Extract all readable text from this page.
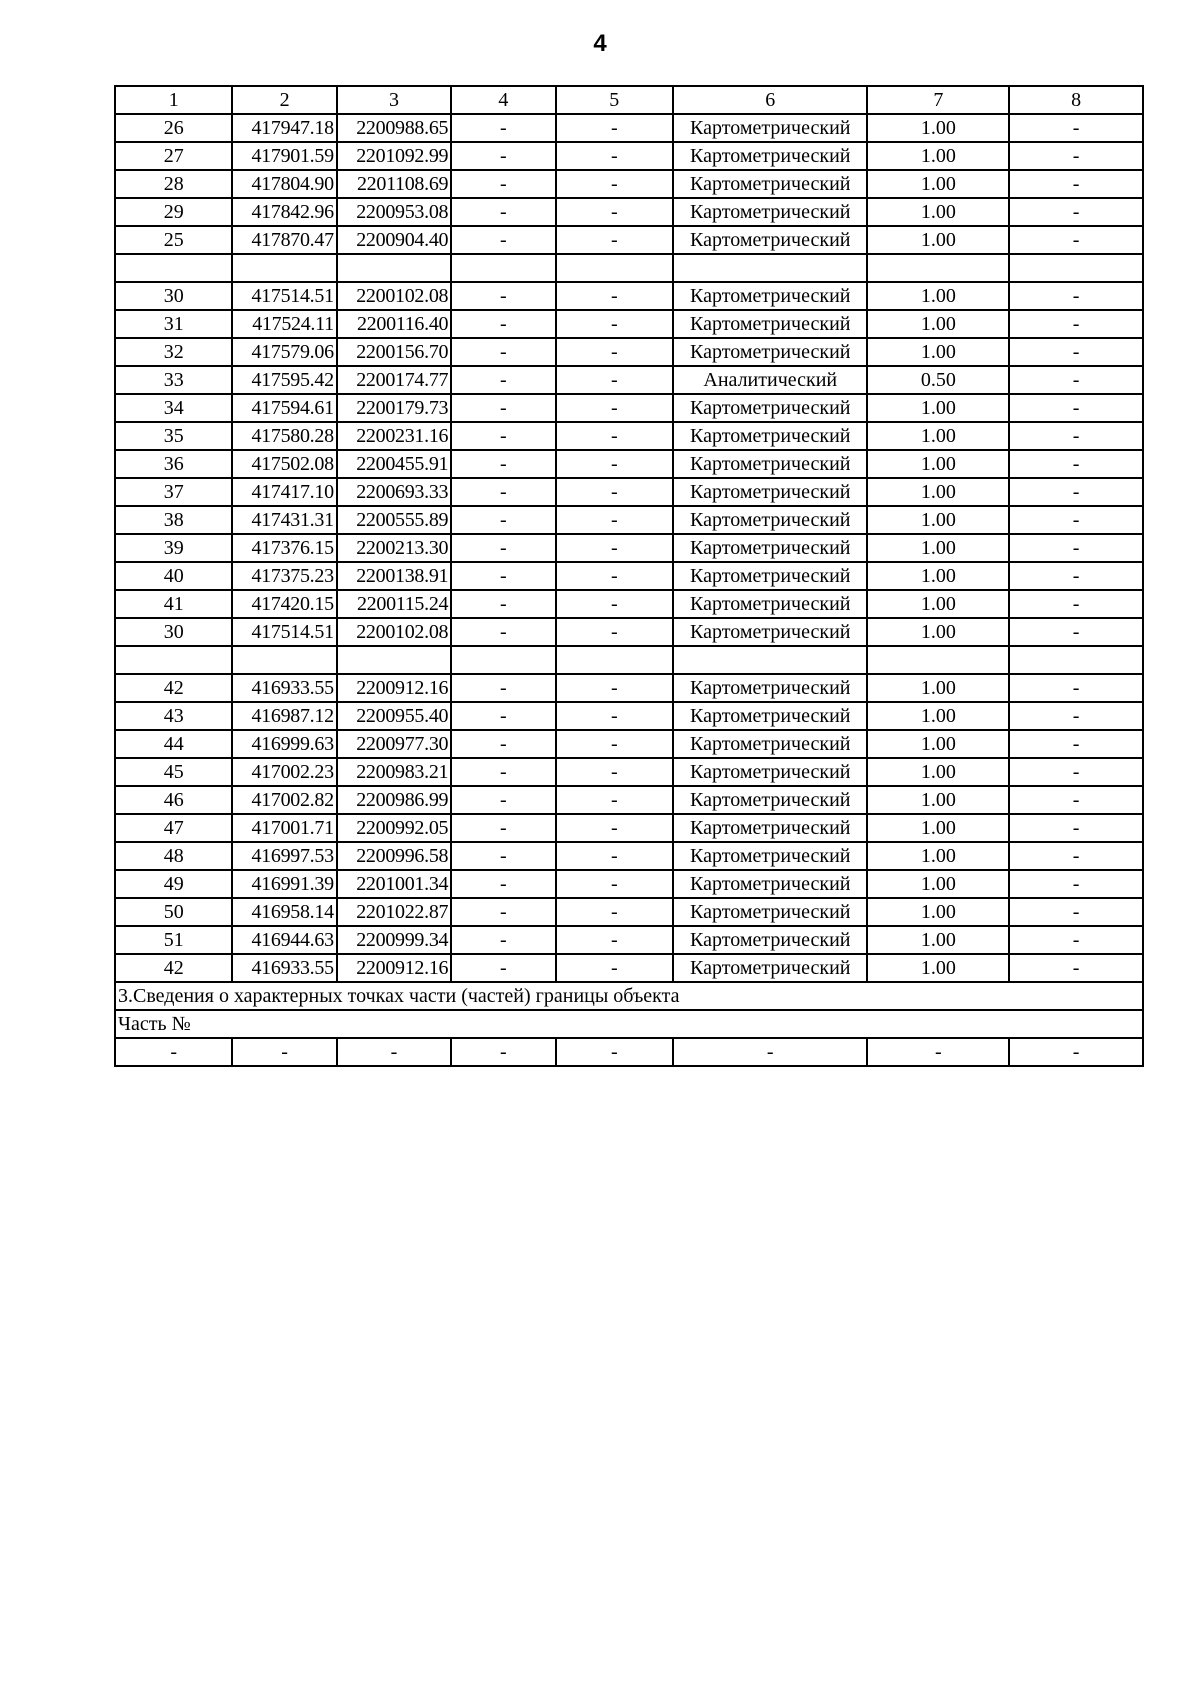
4
1	2	3	4	5	6	7	8
26	417947.18	2200988.65	-	-	Картометрический	1.00	-
27	417901.59	2201092.99	-	-	Картометрический	1.00	-
28	417804.90	2201108.69	-	-	Картометрический	1.00	-
29	417842.96	2200953.08	-	-	Картометрический	1.00	-
25	417870.47	2200904.40	-	-	Картометрический	1.00	-

30	417514.51	2200102.08	-	-	Картометрический	1.00	-
31	417524.11	2200116.40	-	-	Картометрический	1.00	-
32	417579.06	2200156.70	-	-	Картометрический	1.00	-
33	417595.42	2200174.77	-	-	Аналитический	0.50	-
34	417594.61	2200179.73	-	-	Картометрический	1.00	-
35	417580.28	2200231.16	-	-	Картометрический	1.00	-
36	417502.08	2200455.91	-	-	Картометрический	1.00	-
37	417417.10	2200693.33	-	-	Картометрический	1.00	-
38	417431.31	2200555.89	-	-	Картометрический	1.00	-
39	417376.15	2200213.30	-	-	Картометрический	1.00	-
40	417375.23	2200138.91	-	-	Картометрический	1.00	-
41	417420.15	2200115.24	-	-	Картометрический	1.00	-
30	417514.51	2200102.08	-	-	Картометрический	1.00	-

42	416933.55	2200912.16	-	-	Картометрический	1.00	-
43	416987.12	2200955.40	-	-	Картометрический	1.00	-
44	416999.63	2200977.30	-	-	Картометрический	1.00	-
45	417002.23	2200983.21	-	-	Картометрический	1.00	-
46	417002.82	2200986.99	-	-	Картометрический	1.00	-
47	417001.71	2200992.05	-	-	Картометрический	1.00	-
48	416997.53	2200996.58	-	-	Картометрический	1.00	-
49	416991.39	2201001.34	-	-	Картометрический	1.00	-
50	416958.14	2201022.87	-	-	Картометрический	1.00	-
51	416944.63	2200999.34	-	-	Картометрический	1.00	-
42	416933.55	2200912.16	-	-	Картометрический	1.00	-
3.Сведения о характерных точках части (частей) границы объекта							
Часть №							
-	-	-	-	-	-	-	-
